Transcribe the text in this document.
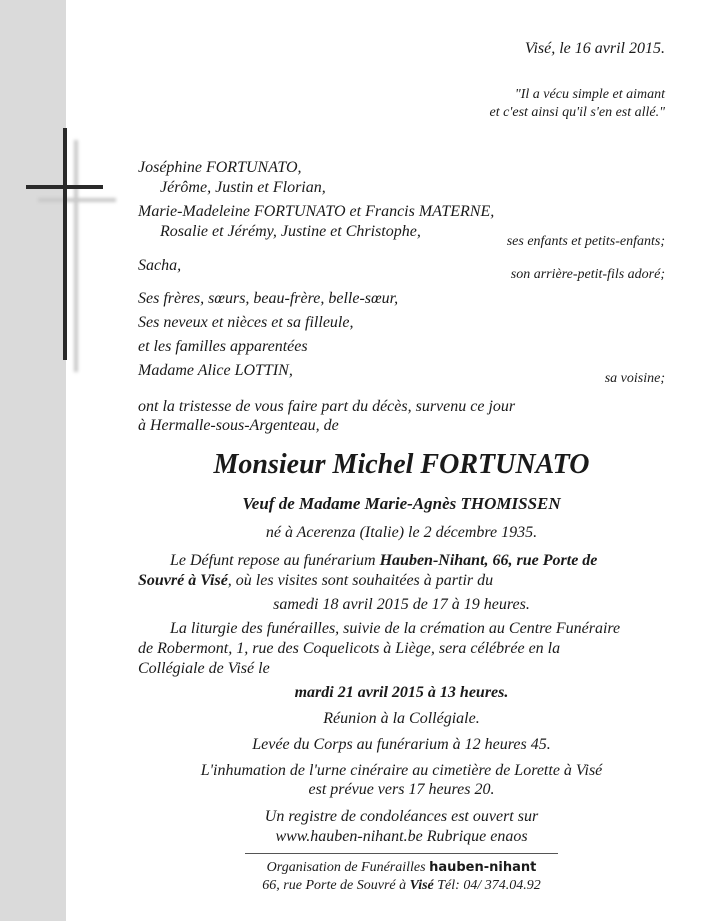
Visé, le 16 avril 2015.
"Il a vécu simple et aimant
et c'est ainsi qu'il s'en est allé."
Joséphine FORTUNATO,
Jérôme, Justin et Florian,
Marie-Madeleine FORTUNATO et Francis MATERNE,
Rosalie et Jérémy, Justine et Christophe,
ses enfants et petits-enfants;
Sacha,
son arrière-petit-fils adoré;
Ses frères, sœurs, beau-frère, belle-sœur,
Ses neveux et nièces et sa filleule,
et les familles apparentées
Madame Alice LOTTIN,	sa voisine;
ont la tristesse de vous faire part du décès, survenu ce jour
à Hermalle-sous-Argenteau, de
Monsieur Michel FORTUNATO
Veuf de Madame Marie-Agnès THOMISSEN
né à Acerenza (Italie) le 2 décembre 1935.
Le Défunt repose au funérarium Hauben-Nihant, 66, rue Porte de
Souvré à Visé, où les visites sont souhaitées à partir du
samedi 18 avril 2015 de 17 à 19 heures.
La liturgie des funérailles, suivie de la crémation au Centre Funéraire
de Robermont, 1, rue des Coquelicots à Liège, sera célébrée en la
Collégiale de Visé le
mardi 21 avril 2015 à 13 heures.
Réunion à la Collégiale.
Levée du Corps au funérarium à 12 heures 45.
L'inhumation de l'urne cinéraire au cimetière de Lorette à Visé
est prévue vers 17 heures 20.
Un registre de condoléances est ouvert sur
www.hauben-nihant.be Rubrique enaos
Organisation de Funérailles hauben-nihant
66, rue Porte de Souvré à Visé Tél: 04/ 374.04.92
